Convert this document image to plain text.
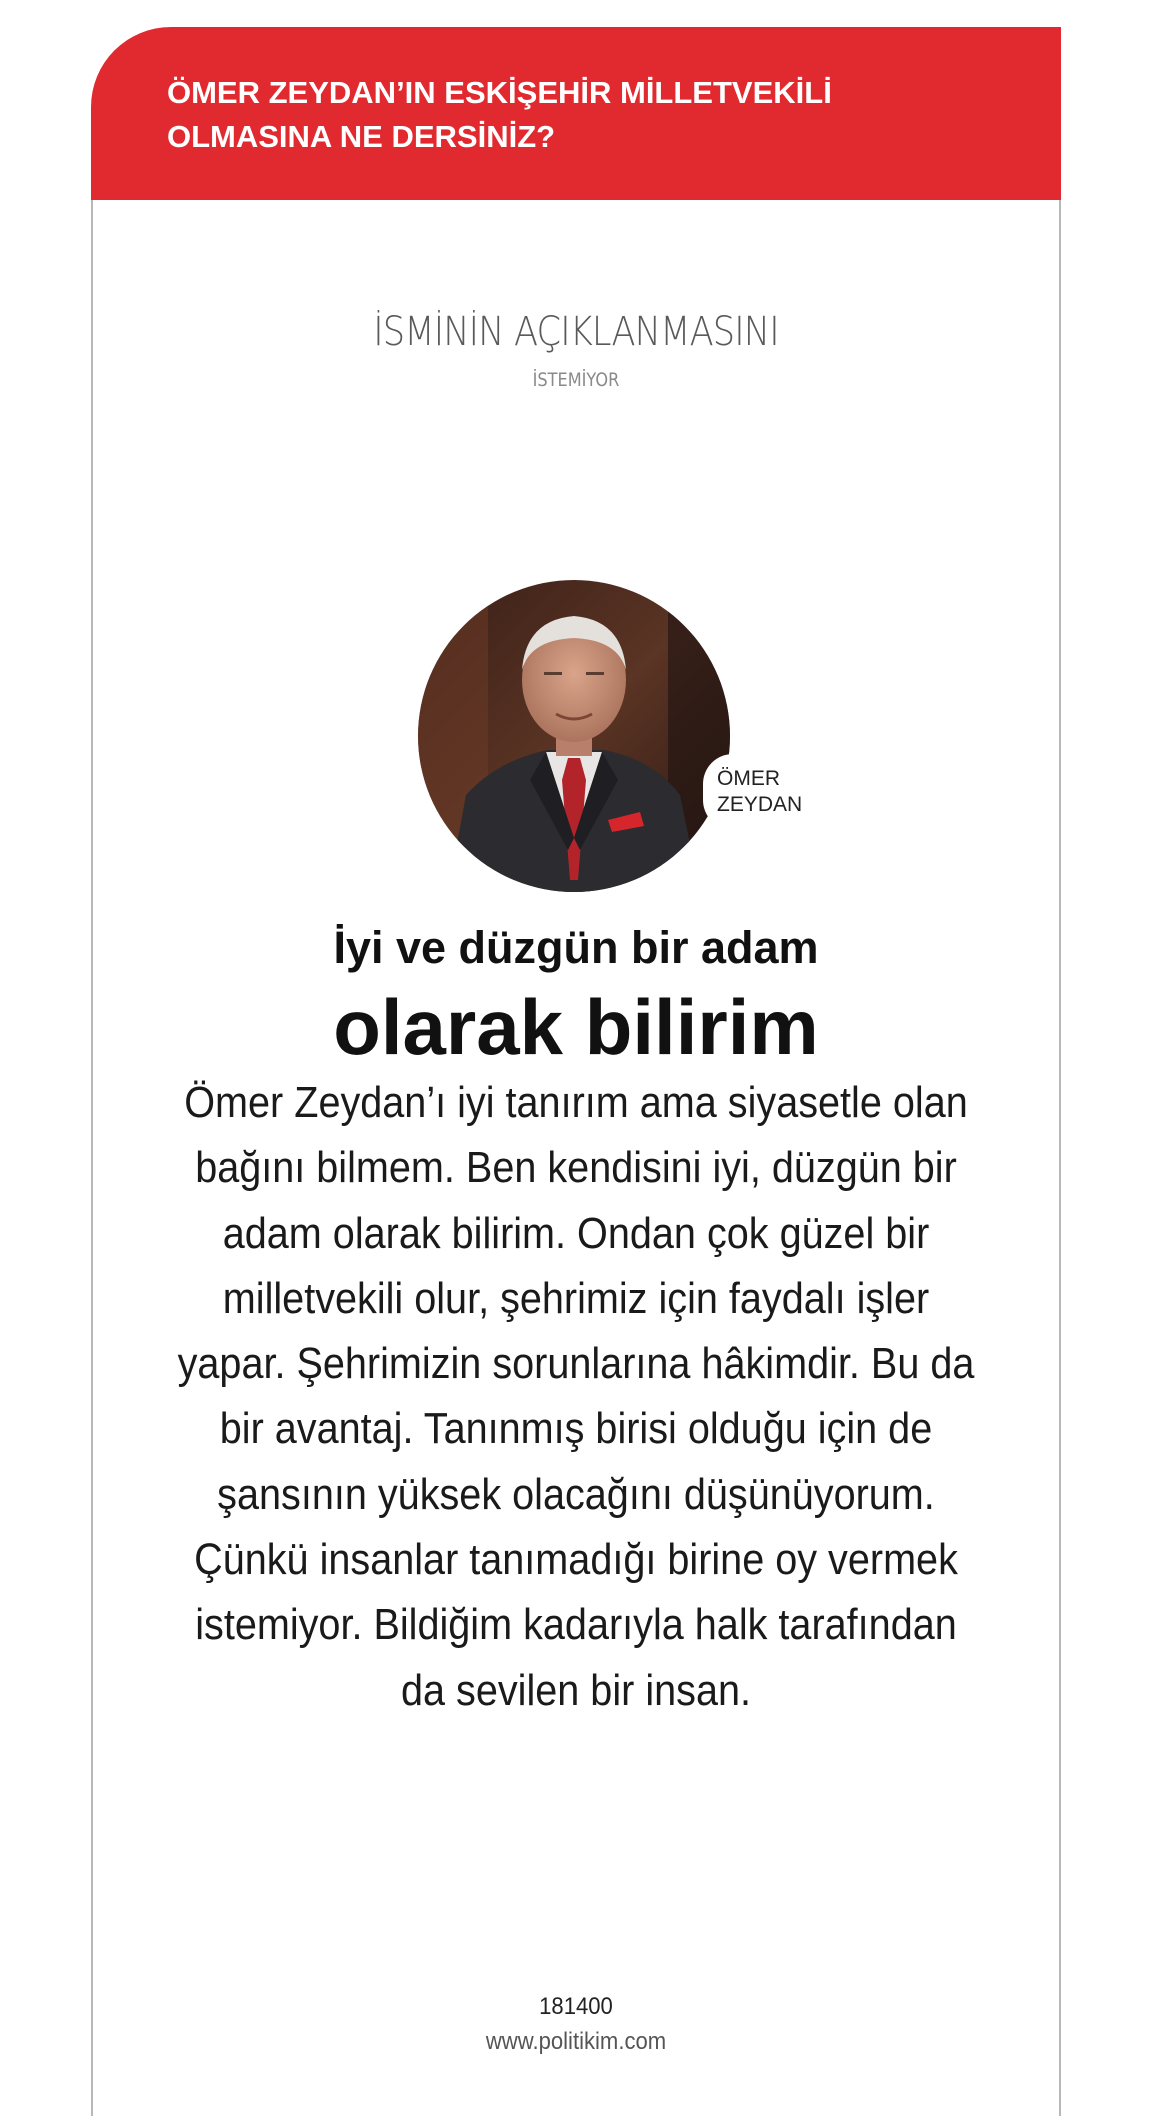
ÖMER ZEYDAN’IN ESKİŞEHİR MİLLETVEKİLİ
OLMASINA NE DERSİNİZ?
İSMİNİN AÇIKLANMASINI
İSTEMİYOR
ÖMER
ZEYDAN
İyi ve düzgün bir adam
olarak bilirim

Ömer Zeydan’ı iyi tanırım ama siyasetle olan bağını bilmem. Ben kendisini iyi, düzgün bir adam olarak bilirim. Ondan çok güzel bir milletvekili olur, şehrimiz için faydalı işler yapar. Şehrimizin sorunlarına hâkimdir. Bu da bir avantaj. Tanınmış birisi olduğu için de şansının yüksek olacağını düşünüyorum. Çünkü insanlar tanımadığı birine oy vermek istemiyor. Bildiğim kadarıyla halk tarafından da sevilen bir insan.

181400
www.politikim.com
